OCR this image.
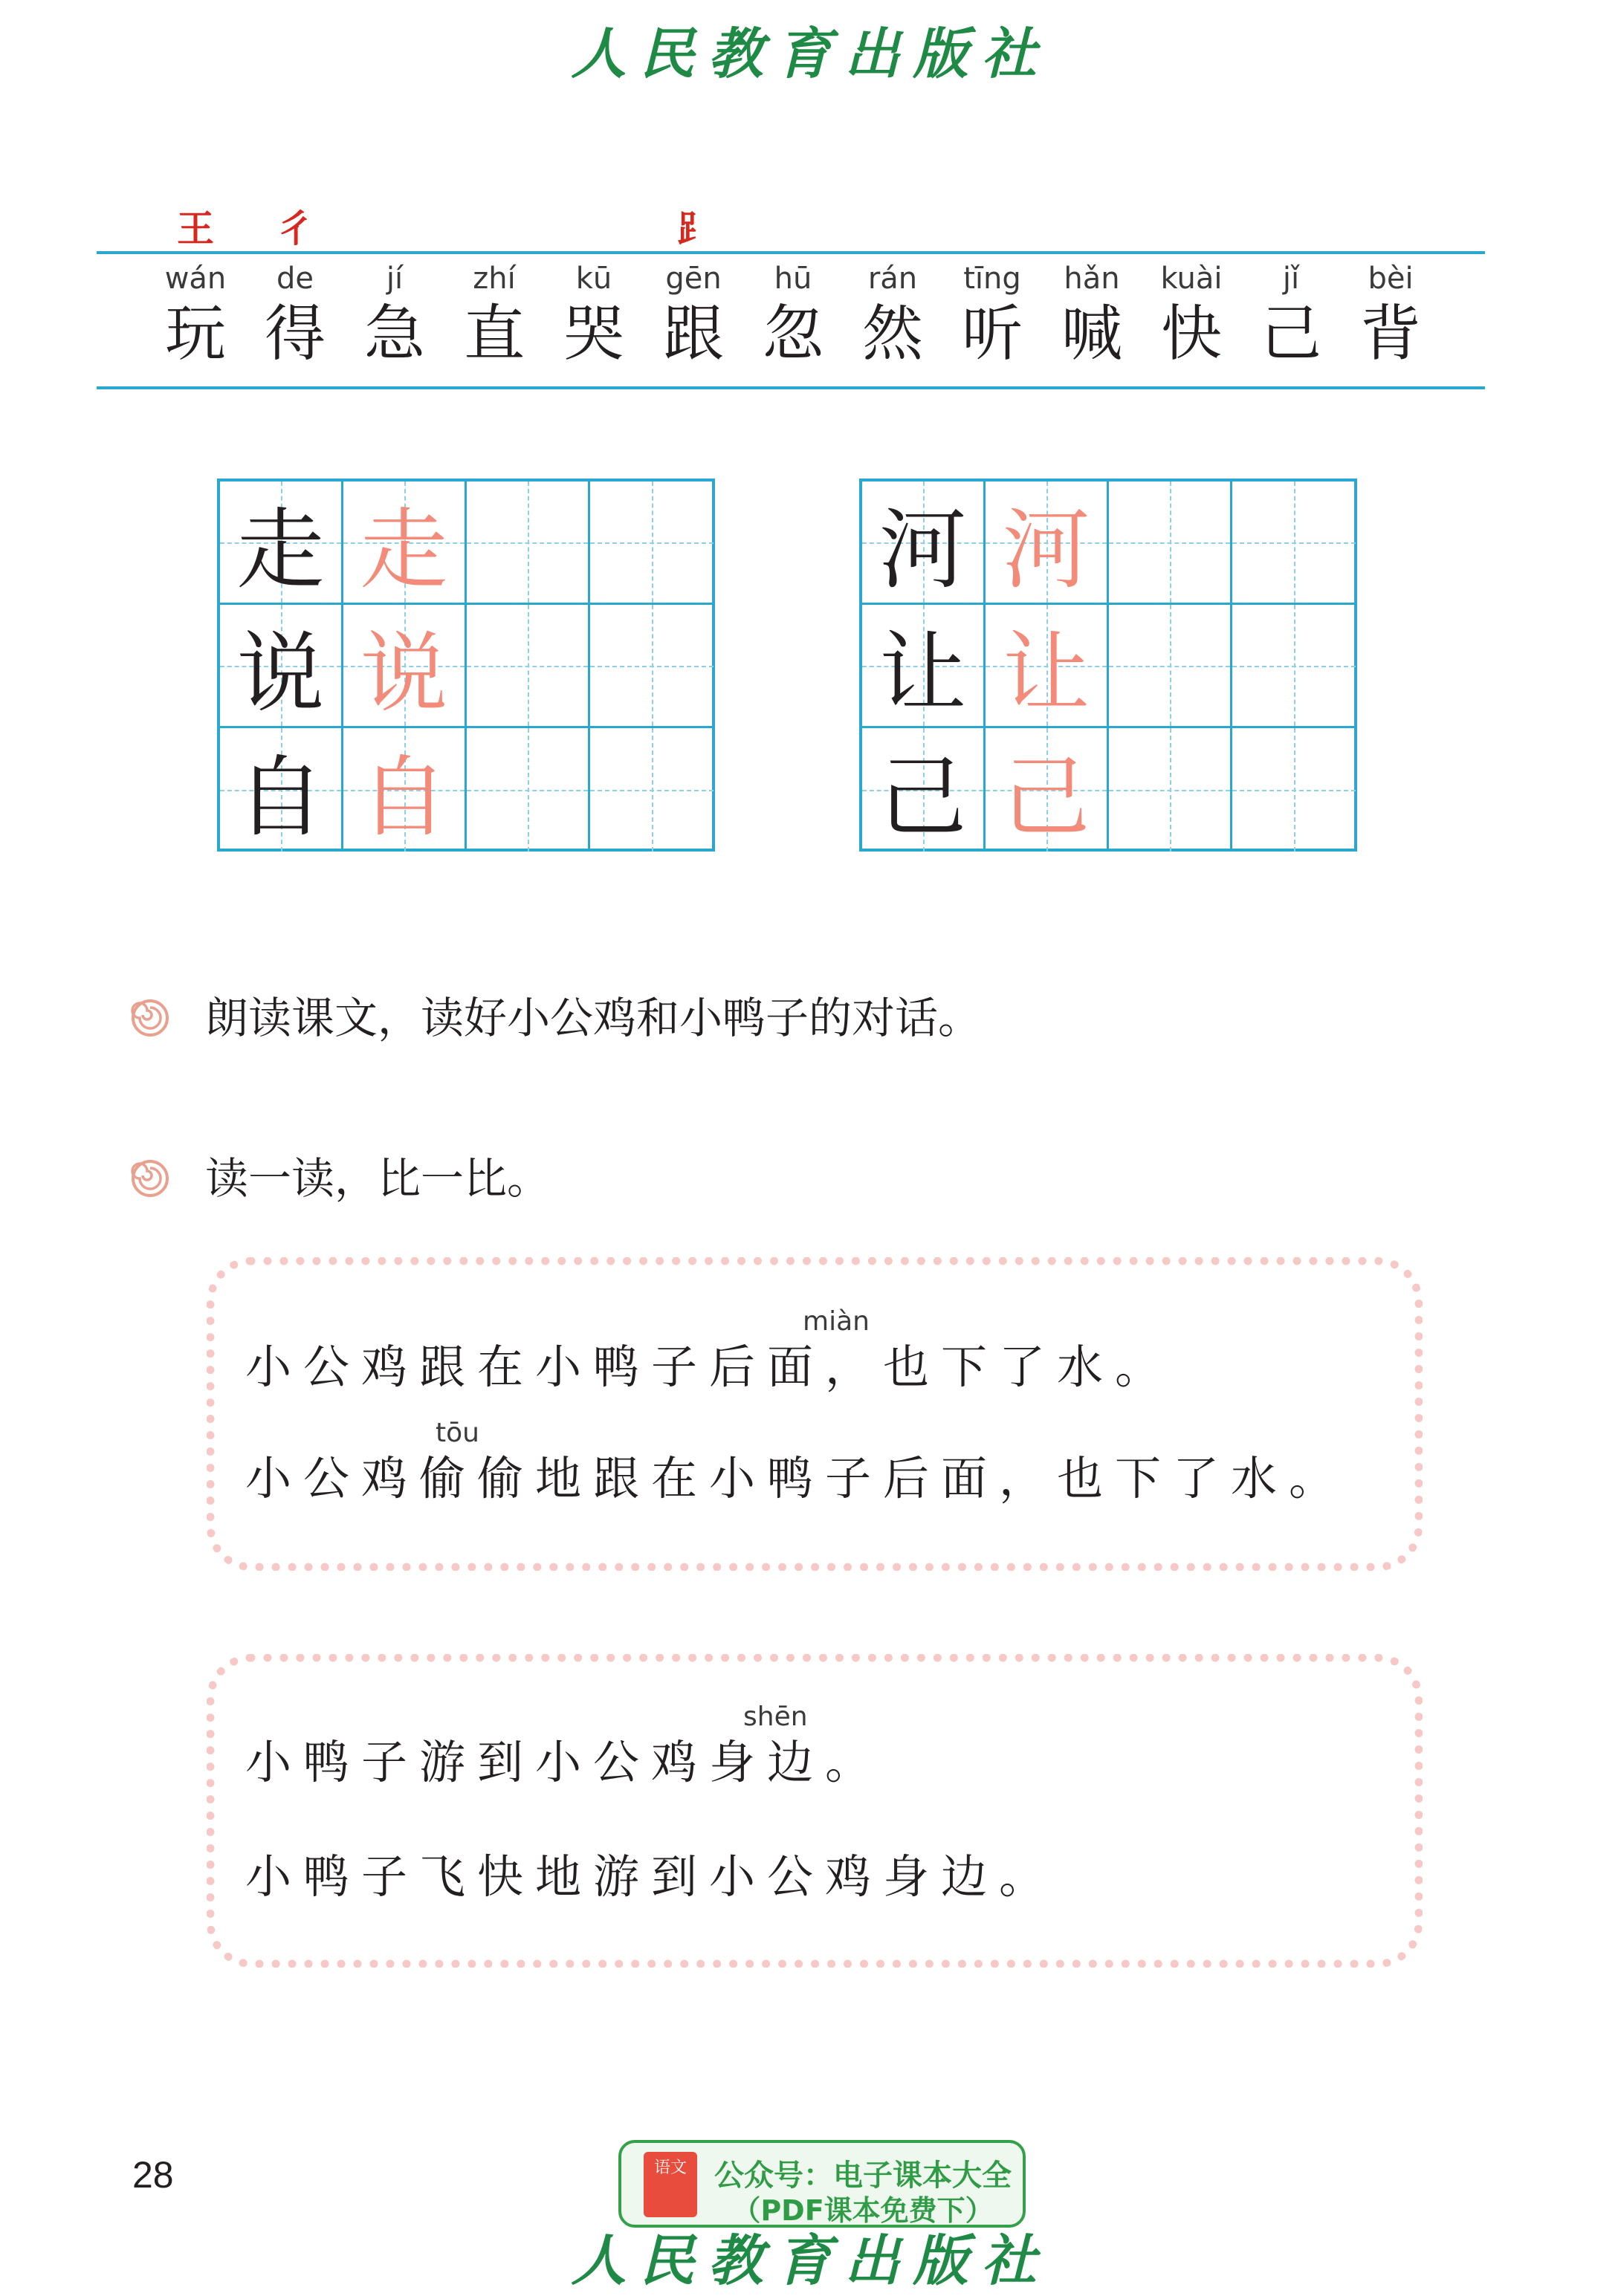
人民教育出版社
王 彳	⻊
wán
玩
de
得
jí
急
zhí
直
kū
哭
gēn
跟
hū
忽
rán
然
tīng
听
hǎn
喊
kuài
快
jǐ
己
bèi
背
走 走
说 说
自 自
河 河
让 让
己 己
朗读课文，读好小公鸡和小鸭子的对话。
读一读，比一比。
miàn
小公鸡跟在小鸭子后面，也下了水。
tōu
小公鸡偷偷地跟在小鸭子后面，也下了水。
shēn
小鸭子游到小公鸡身边。
小鸭子飞快地游到小公鸡身边。
28	语文 公众号：电子课本大全
（PDF课本免费下）
人民教育出版社
